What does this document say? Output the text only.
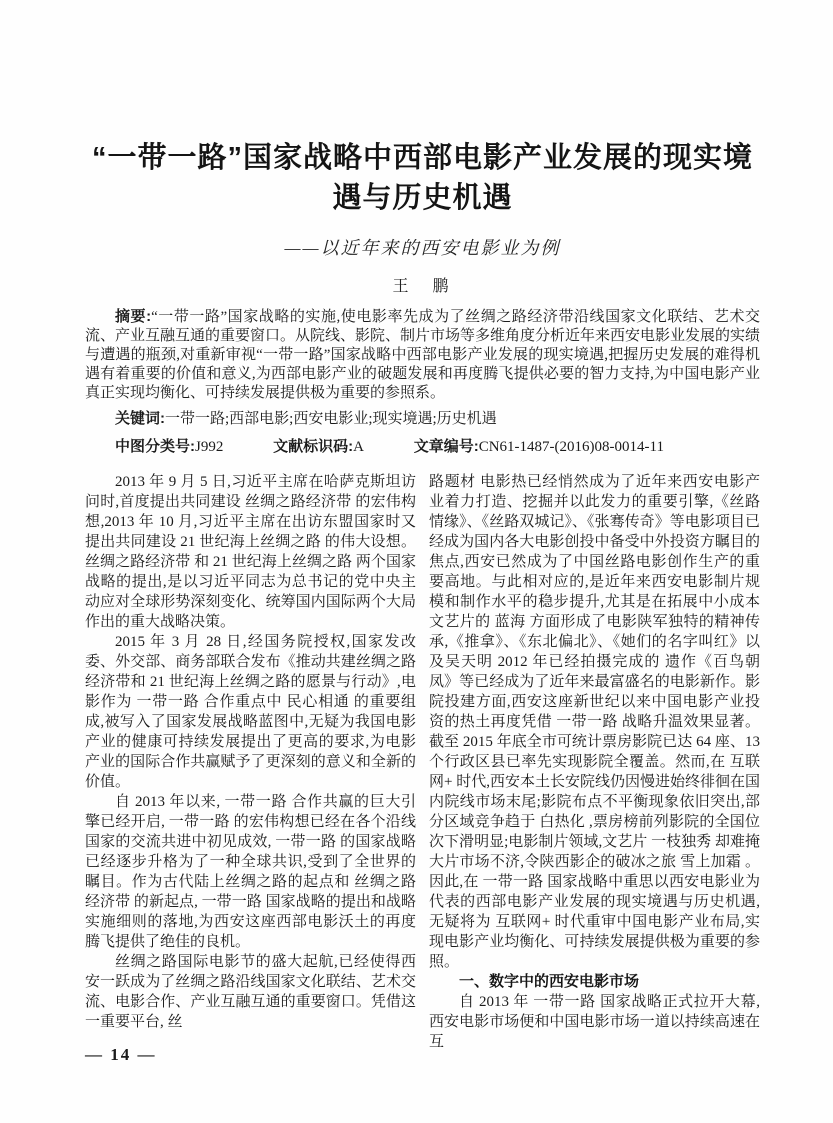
“一带一路”国家战略中西部电影产业发展的现实境遇与历史机遇
——以近年来的西安电影业为例
王　鹏

摘要:“一带一路”国家战略的实施,使电影率先成为了丝绸之路经济带沿线国家文化联结、艺术交流、产业互融互通的重要窗口。从院线、影院、制片市场等多维角度分析近年来西安电影业发展的实绩与遭遇的瓶颈,对重新审视“一带一路”国家战略中西部电影产业发展的现实境遇,把握历史发展的难得机遇有着重要的价值和意义,为西部电影产业的破题发展和再度腾飞提供必要的智力支持,为中国电影产业真正实现均衡化、可持续发展提供极为重要的参照系。

关键词:一带一路;西部电影;西安电影业;现实境遇;历史机遇

中图分类号:J992	文献标识码:A	文章编号:CN61-1487-(2016)08-0014-11

2013 年 9 月 5 日,习近平主席在哈萨克斯坦访问时,首度提出共同建设 丝绸之路经济带 的宏伟构想,2013 年 10 月,习近平主席在出访东盟国家时又提出共同建设 21 世纪海上丝绸之路 的伟大设想。 丝绸之路经济带 和 21 世纪海上丝绸之路 两个国家战略的提出,是以习近平同志为总书记的党中央主动应对全球形势深刻变化、统筹国内国际两个大局作出的重大战略决策。

2015 年 3 月 28 日,经国务院授权,国家发改委、外交部、商务部联合发布《推动共建丝绸之路经济带和 21 世纪海上丝绸之路的愿景与行动》,电影作为 一带一路 合作重点中 民心相通 的重要组成,被写入了国家发展战略蓝图中,无疑为我国电影产业的健康可持续发展提出了更高的要求,为电影产业的国际合作共赢赋予了更深刻的意义和全新的价值。

自 2013 年以来, 一带一路 合作共赢的巨大引擎已经开启, 一带一路 的宏伟构想已经在各个沿线国家的交流共进中初见成效, 一带一路 的国家战略已经逐步升格为了一种全球共识,受到了全世界的瞩目。作为古代陆上丝绸之路的起点和 丝绸之路经济带 的新起点, 一带一路 国家战略的提出和战略实施细则的落地,为西安这座西部电影沃土的再度腾飞提供了绝佳的良机。

丝绸之路国际电影节的盛大起航,已经使得西安一跃成为了丝绸之路沿线国家文化联结、艺术交流、电影合作、产业互融互通的重要窗口。凭借这一重要平台, 丝

路题材 电影热已经悄然成为了近年来西安电影产业着力打造、挖掘并以此发力的重要引擎,《丝路情缘》、《丝路双城记》、《张骞传奇》等电影项目已经成为国内各大电影创投中备受中外投资方瞩目的焦点,西安已然成为了中国丝路电影创作生产的重要高地。与此相对应的,是近年来西安电影制片规模和制作水平的稳步提升,尤其是在拓展中小成本文艺片的 蓝海 方面形成了电影陕军独特的精神传承,《推拿》、《东北偏北》、《她们的名字叫红》以及吴天明 2012 年已经拍摄完成的 遗作《百鸟朝凤》等已经成为了近年来最富盛名的电影新作。影院投建方面,西安这座新世纪以来中国电影产业投资的热土再度凭借 一带一路 战略升温效果显著。截至 2015 年底全市可统计票房影院已达 64 座、13 个行政区县已率先实现影院全覆盖。然而,在 互联网+ 时代,西安本土长安院线仍因慢进始终徘徊在国内院线市场末尾;影院布点不平衡现象依旧突出,部分区域竞争趋于 白热化 ,票房榜前列影院的全国位次下滑明显;电影制片领域,文艺片 一枝独秀 却难掩大片市场不济,令陕西影企的破冰之旅 雪上加霜 。因此,在 一带一路 国家战略中重思以西安电影业为代表的西部电影产业发展的现实境遇与历史机遇,无疑将为 互联网+ 时代重审中国电影产业布局,实现电影产业均衡化、可持续发展提供极为重要的参照。

一、数字中的西安电影市场

自 2013 年 一带一路 国家战略正式拉开大幕,西安电影市场便和中国电影市场一道以持续高速在 互

— 14 —
